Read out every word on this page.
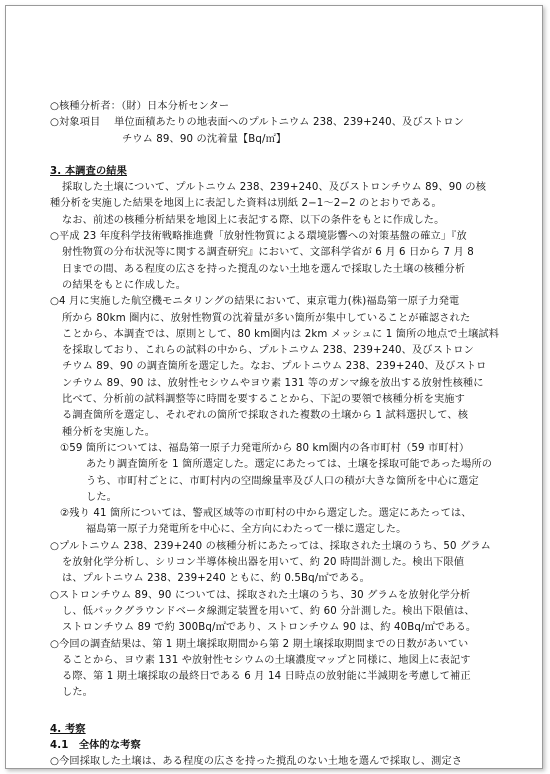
○核種分析者：（財）日本分析センター
○対象項目　 単位面積あたりの地表面へのプルトニウム 238、239+240、及びストロン
チウム 89、90 の沈着量【Bq/㎡】
3. 本調査の結果
採取した土壌について、プルトニウム 238、239+240、及びストロンチウム 89、90 の核
種分析を実施した結果を地図上に表記した資料は別紙 2−1〜2−2 のとおりである。
なお、前述の核種分析結果を地図上に表記する際、以下の条件をもとに作成した。
○平成 23 年度科学技術戦略推進費「放射性物質による環境影響への対策基盤の確立」『放
射性物質の分布状況等に関する調査研究』において、文部科学省が 6 月 6 日から 7 月 8
日までの間、ある程度の広さを持った撹乱のない土地を選んで採取した土壌の核種分析
の結果をもとに作成した。
○4 月に実施した航空機モニタリングの結果において、東京電力(株)福島第一原子力発電
所から 80km 圏内に、放射性物質の沈着量が多い箇所が集中していることが確認された
ことから、本調査では、原則として、80 km圏内は 2km メッシュに 1 箇所の地点で土壌試料
を採取しており、これらの試料の中から、プルトニウム 238、239+240、及びストロン
チウム 89、90 の調査箇所を選定した。なお、プルトニウム 238、239+240、及びストロ
ンチウム 89、90 は、放射性セシウムやヨウ素 131 等のガンマ線を放出する放射性核種に
比べて、分析前の試料調整等に時間を要することから、下記の要領で核種分析を実施す
る調査箇所を選定し、それぞれの箇所で採取された複数の土壌から 1 試料選択して、核
種分析を実施した。
①59 箇所については、福島第一原子力発電所から 80 km圏内の各市町村（59 市町村）
あたり調査箇所を 1 箇所選定した。選定にあたっては、土壌を採取可能であった場所の
うち、市町村ごとに、市町村内の空間線量率及び人口の積が大きな箇所を中心に選定
した。
②残り 41 箇所については、警戒区域等の市町村の中から選定した。選定にあたっては、
福島第一原子力発電所を中心に、全方向にわたって一様に選定した。
○プルトニウム 238、239+240 の核種分析にあたっては、採取された土壌のうち、50 グラム
を放射化学分析し、シリコン半導体検出器を用いて、約 20 時間計測した。検出下限値
は、プルトニウム 238、239+240 ともに、約 0.5Bq/㎡である。
○ストロンチウム 89、90 については、採取された土壌のうち、30 グラムを放射化学分析
し、低バックグラウンドベータ線測定装置を用いて、約 60 分計測した。検出下限値は、
ストロンチウム 89 で約 300Bq/㎡であり、ストロンチウム 90 は、約 40Bq/㎡である。
○今回の調査結果は、第 1 期土壌採取期間から第 2 期土壌採取期間までの日数があいてい
ることから、ヨウ素 131 や放射性セシウムの土壌濃度マップと同様に、地図上に表記す
る際、第 1 期土壌採取の最終日である 6 月 14 日時点の放射能に半減期を考慮して補正
した。
4. 考察
4.1　全体的な考察
○今回採取した土壌は、ある程度の広さを持った撹乱のない土地を選んで採取し、測定さ
